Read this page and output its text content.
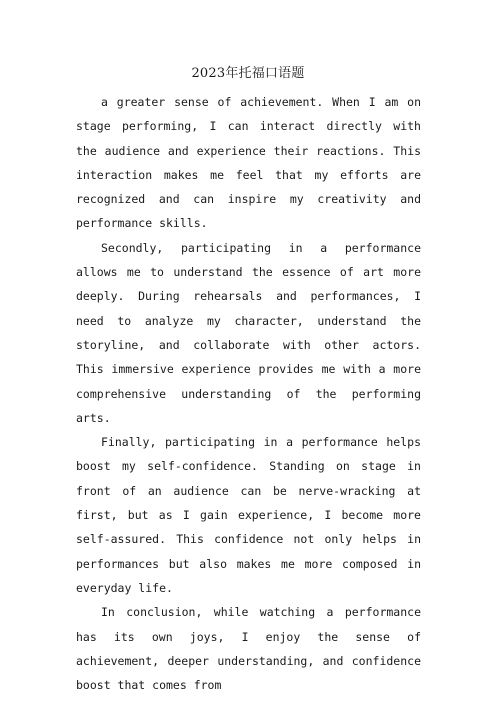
2023年托福口语题

a greater sense of achievement. When I am on stage performing, I can interact directly with the audience and experience their reactions. This interaction makes me feel that my efforts are recognized and can inspire my creativity and performance skills.

Secondly, participating in a performance allows me to understand the essence of art more deeply. During rehearsals and performances, I need to analyze my character, understand the storyline, and collaborate with other actors. This immersive experience provides me with a more comprehensive understanding of the performing arts.

Finally, participating in a performance helps boost my self-confidence. Standing on stage in front of an audience can be nerve-wracking at first, but as I gain experience, I become more self-assured. This confidence not only helps in performances but also makes me more composed in everyday life.

In conclusion, while watching a performance has its own joys, I enjoy the sense of achievement, deeper understanding, and confidence boost that comes from
